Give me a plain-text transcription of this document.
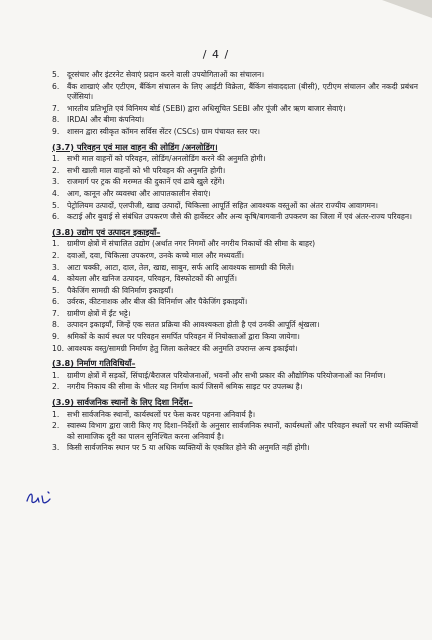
/ 4 /
5.	दूरसंचार और इंटरनेट सेवाएं प्रदान करने वाली उपयोगिताओं का संचालन।
6.	बैंक शाखाएं और एटीएम, बैंकिंग संचालन के लिए आईटी विक्रेता, बैंकिंग संवाददाता (बीसी), एटीएम संचालन और नकदी प्रबंधन एजेंसियां।
7.	भारतीय प्रतिभूति एवं विनिमय बोर्ड (SEBI) द्वारा अधिसूचित SEBI और पूंजी और ऋण बाजार सेवाएं।
8.	IRDAI और बीमा कंपनियां।
9.	शासन द्वारा स्वीकृत कॉमन सर्विस सेंटर (CSCs) ग्राम पंचायत स्तर पर।
(3.7) परिवहन एवं माल वाहन की लोडिंग /अनलोडिंग।
1.	सभी माल वाहनों को परिवहन, लोडिंग/अनलोडिंग करने की अनुमति होगी।
2.	सभी खाली माल वाहनों को भी परिवहन की अनुमति होगी।
3.	राजमार्ग पर ट्रक की मरम्मत की दुकानें एवं ढाबे खुले रहेंगे।
4.	आग, कानून और व्यवस्था और आपातकालीन सेवाएं।
5.	पेट्रोलियम उत्पादों, एलपीजी, खाद्य उत्पादों, चिकित्सा आपूर्ति सहित आवश्यक वस्तुओं का अंतर राज्यीय आवागमन।
6.	कटाई और बुवाई से संबंधित उपकरण जैसे की हार्वेस्टर और अन्य कृषि/बागवानी उपकरण का जिला में एवं अंतर-राज्य परिवहन।
(3.8) उद्योग एवं उत्पादन इकाइयाँ–
1.	ग्रामीण क्षेत्रों में संचालित उद्योग (अर्थात नगर निगमों और नगरीय निकायों की सीमा के बाहर)
2.	दवाओं, दवा, चिकित्सा उपकरण, उनके कच्चे माल और मध्यवर्ती।
3.	आटा चक्की, आटा, दाल, तेल, खाद्य, साबुन, सर्फ आदि आवश्यक सामग्री की मिलें।
4.	कोयला और खनिज उत्पादन, परिवहन, विस्फोटकों की आपूर्ति।
5.	पैकेजिंग सामग्री की विनिर्माण इकाइयाँ।
6.	उर्वरक, कीटनाशक और बीज की विनिर्माण और पैकेजिंग इकाइयों।
7.	ग्रामीण क्षेत्रों में ईंट भट्टे।
8.	उत्पादन इकाइयाँ, जिन्हें एक सतत प्रक्रिया की आवश्यकता होती है एवं उनकी आपूर्ति श्रृंखला।
9.	श्रमिकों के कार्य स्थल पर परिवहन समर्पित परिवहन में नियोक्ताओं द्वारा किया जायेगा।
10. आवश्यक वस्तु/सामग्री निर्माण हेतु जिला कलेक्टर की अनुमति उपरान्त अन्य इकाईयां।
(3.8) निर्माण गतिविधियाँ–
1.	ग्रामीण क्षेत्रों में सड़कों, सिंचाई/बैराजल परियोजनाओं, भवनों और सभी प्रकार की औद्योगिक परियोजनाओं का निर्माण।
2.	नगरीय निकाय की सीमा के भीतर यह निर्माण कार्य जिसमें श्रमिक साइट पर उपलब्ध है।
(3.9) सार्वजनिक स्थानों के लिए दिशा निर्देश–
1.	सभी सार्वजनिक स्थानों, कार्यस्थलों पर फेस कवर पहनना अनिवार्य है।
2.	स्वास्थ्य विभाग द्वारा जारी किए गए दिशा–निर्देशों के अनुसार सार्वजनिक स्थानों, कार्यस्थलों और परिवहन स्थलों पर सभी व्यक्तियों को सामाजिक दूरी का पालन सुनिश्चित करना अनिवार्य है।
3.	किसी सार्वजनिक स्थान पर 5 या अधिक व्यक्तियों के एकत्रित होने की अनुमति नहीं होगी।
